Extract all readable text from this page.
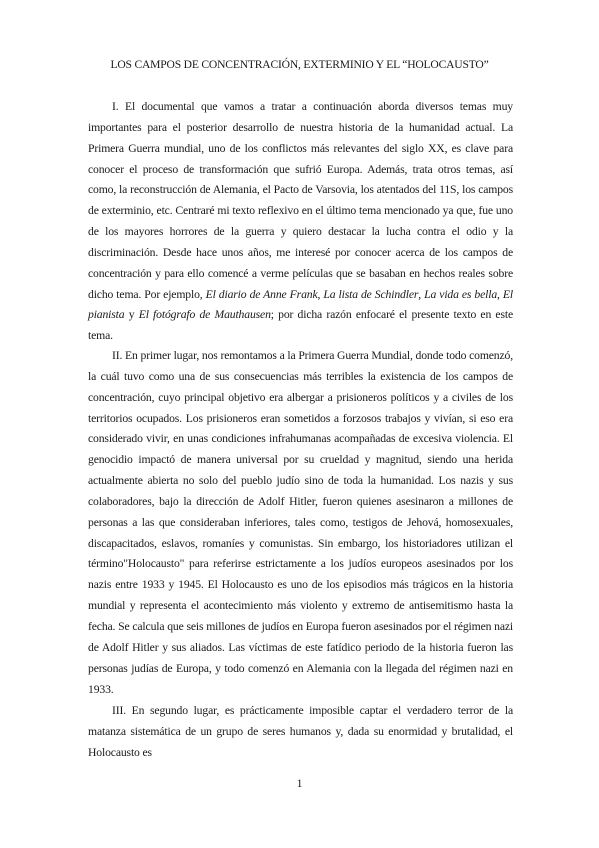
LOS CAMPOS DE CONCENTRACIÓN, EXTERMINIO Y EL “HOLOCAUSTO”

I. El documental que vamos a tratar a continuación aborda diversos temas muy importantes para el posterior desarrollo de nuestra historia de la humanidad actual. La Primera Guerra mundial, uno de los conflictos más relevantes del siglo XX, es clave para conocer el proceso de transformación que sufrió Europa. Además, trata otros temas, así como, la reconstrucción de Alemania, el Pacto de Varsovia, los atentados del 11S, los campos de exterminio, etc. Centraré mi texto reflexivo en el último tema mencionado ya que, fue uno de los mayores horrores de la guerra y quiero destacar la lucha contra el odio y la discriminación. Desde hace unos años, me interesé por conocer acerca de los campos de concentración y para ello comencé a verme películas que se basaban en hechos reales sobre dicho tema. Por ejemplo, El diario de Anne Frank, La lista de Schindler, La vida es bella, El pianista y El fotógrafo de Mauthausen; por dicha razón enfocaré el presente texto en este tema.

II. En primer lugar, nos remontamos a la Primera Guerra Mundial, donde todo comenzó, la cuál tuvo como una de sus consecuencias más terribles la existencia de los campos de concentración, cuyo principal objetivo era albergar a prisioneros políticos y a civiles de los territorios ocupados. Los prisioneros eran sometidos a forzosos trabajos y vivían, si eso era considerado vivir, en unas condiciones infrahumanas acompañadas de excesiva violencia. El genocidio impactó de manera universal por su crueldad y magnitud, siendo una herida actualmente abierta no solo del pueblo judío sino de toda la humanidad. Los nazis y sus colaboradores, bajo la dirección de Adolf Hitler, fueron quienes asesinaron a millones de personas a las que consideraban inferiores, tales como, testigos de Jehová, homosexuales, discapacitados, eslavos, romaníes y comunistas. Sin embargo, los historiadores utilizan el término"Holocausto" para referirse estrictamente a los judíos europeos asesinados por los nazis entre 1933 y 1945. El Holocausto es uno de los episodios más trágicos en la historia mundial y representa el acontecimiento más violento y extremo de antisemitismo hasta la fecha. Se calcula que seis millones de judíos en Europa fueron asesinados por el régimen nazi de Adolf Hitler y sus aliados. Las víctimas de este fatídico periodo de la historia fueron las personas judías de Europa, y todo comenzó en Alemania con la llegada del régimen nazi en 1933.

III. En segundo lugar, es prácticamente imposible captar el verdadero terror de la matanza sistemática de un grupo de seres humanos y, dada su enormidad y brutalidad, el Holocausto es

1
